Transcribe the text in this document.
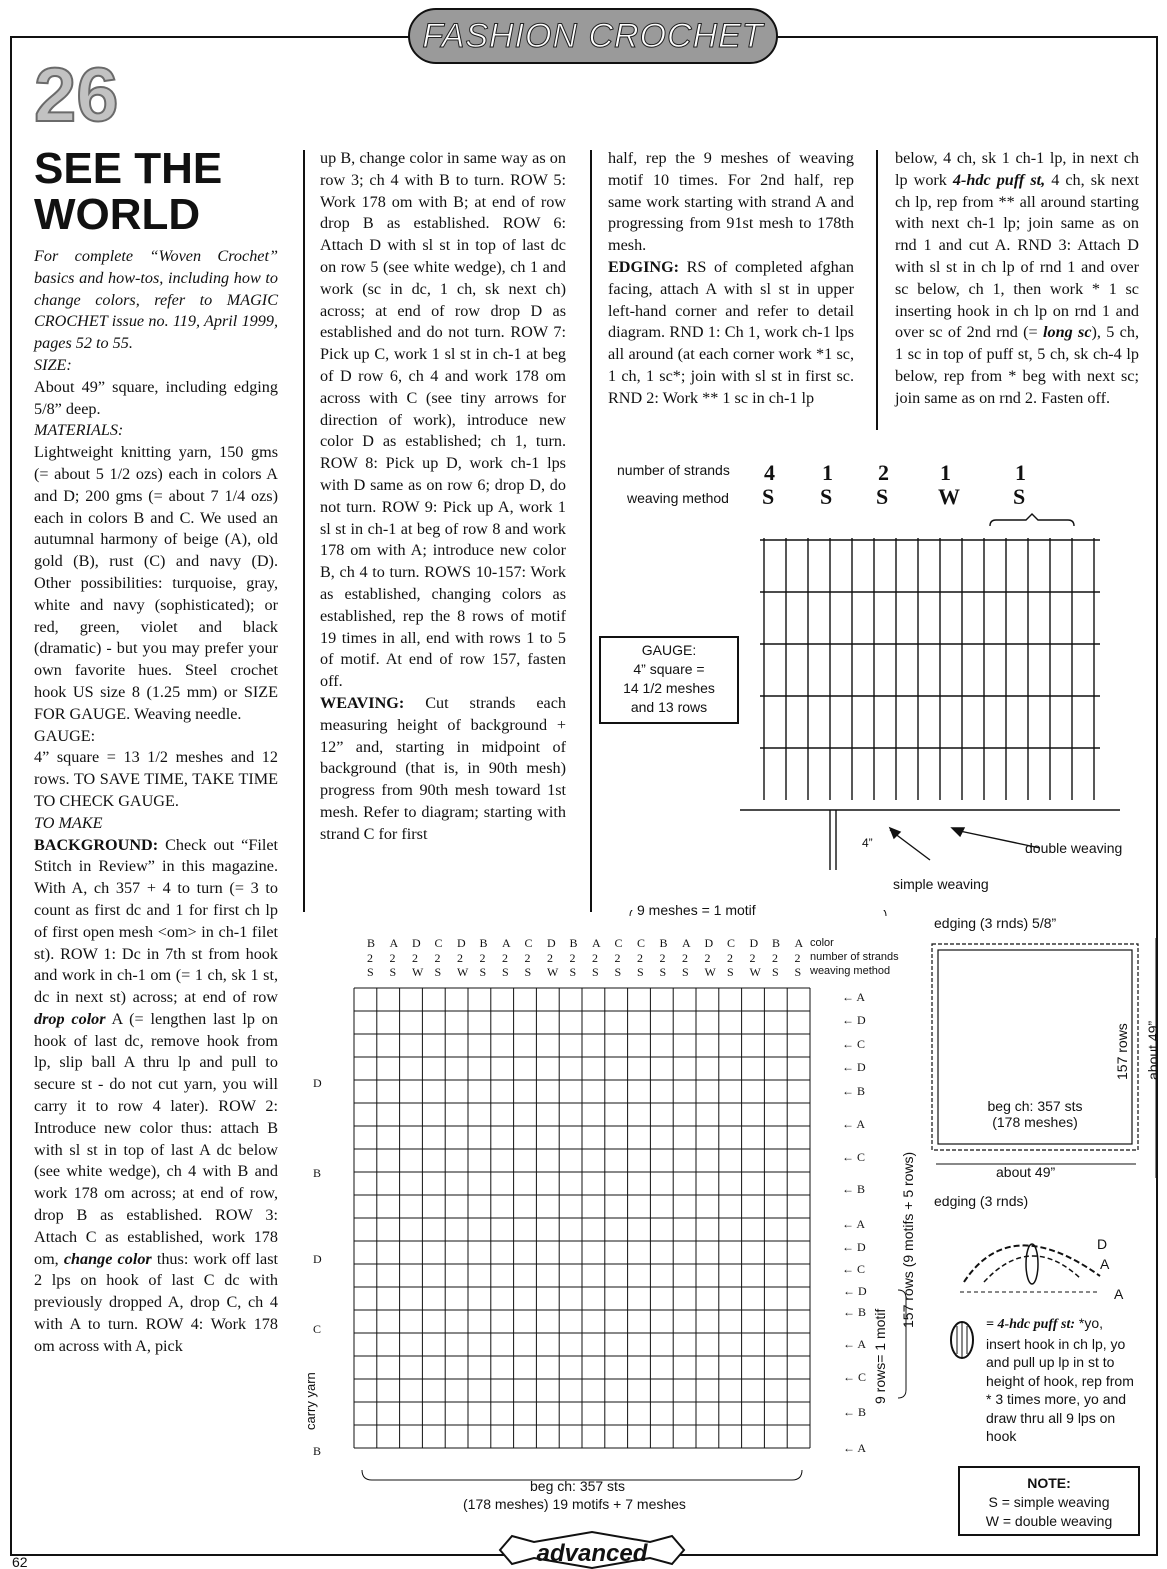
FASHION CROCHET
26
SEE THE
WORLD

For complete “Woven Crochet” basics and how-tos, including how to change colors, refer to MAGIC CROCHET issue no. 119, April 1999, pages 52 to 55.

SIZE:

About 49” square, including edging 5/8” deep.

MATERIALS:

Lightweight knitting yarn, 150 gms (= about 5 1/2 ozs) each in colors A and D; 200 gms (= about 7 1/4 ozs) each in colors B and C. We used an autumnal harmony of beige (A), old gold (B), rust (C) and navy (D). Other possibilities: turquoise, gray, white and navy (sophisticated); or red, green, violet and black (dramatic) - but you may prefer your own favorite hues. Steel crochet hook US size 8 (1.25 mm) or SIZE FOR GAUGE. Weaving needle.

GAUGE:

4” square = 13 1/2 meshes and 12 rows. TO SAVE TIME, TAKE TIME TO CHECK GAUGE.

TO MAKE

BACKGROUND: Check out “Filet Stitch in Review” in this magazine. With A, ch 357 + 4 to turn (= 3 to count as first dc and 1 for first ch lp of first open mesh <om> in ch-1 filet st). ROW 1: Dc in 7th st from hook and work in ch-1 om (= 1 ch, sk 1 st, dc in next st) across; at end of row drop color A (= lengthen last lp on hook of last dc, remove hook from lp, slip ball A thru lp and pull to secure st - do not cut yarn, you will carry it to row 4 later). ROW 2: Introduce new color thus: attach B with sl st in top of last A dc below (see white wedge), ch 4 with B and work 178 om across; at end of row, drop B as established. ROW 3: Attach C as established, work 178 om, change color thus: work off last 2 lps on hook of last C dc with previously dropped A, drop C, ch 4 with A to turn. ROW 4: Work 178 om across with A, pick

up B, change color in same way as on row 3; ch 4 with B to turn. ROW 5: Work 178 om with B; at end of row drop B as established. ROW 6: Attach D with sl st in top of last dc on row 5 (see white wedge), ch 1 and work (sc in dc, 1 ch, sk next ch) across; at end of row drop D as established and do not turn. ROW 7: Pick up C, work 1 sl st in ch-1 at beg of D row 6, ch 4 and work 178 om across with C (see tiny arrows for direction of work), introduce new color D as established; ch 1, turn. ROW 8: Pick up D, work ch-1 lps with D same as on row 6; drop D, do not turn. ROW 9: Pick up A, work 1 sl st in ch-1 at beg of row 8 and work 178 om with A; introduce new color B, ch 4 to turn. ROWS 10-157: Work as established, changing colors as established, rep the 8 rows of motif 19 times in all, end with rows 1 to 5 of motif. At end of row 157, fasten off.

WEAVING: Cut strands each measuring height of background + 12” and, starting in midpoint of background (that is, in 90th mesh) progress from 90th mesh toward 1st mesh. Refer to diagram; starting with strand C for first

half, rep the 9 meshes of weaving motif 10 times. For 2nd half, rep same work starting with strand A and progressing from 91st mesh to 178th mesh.

EDGING: RS of completed afghan facing, attach A with sl st in upper left-hand corner and refer to detail diagram. RND 1: Ch 1, work ch-1 lps all around (at each corner work *1 sc, 1 ch, 1 sc*; join with sl st in first sc. RND 2: Work ** 1 sc in ch-1 lp

below, 4 ch, sk 1 ch-1 lp, in next ch lp work 4-hdc puff st, 4 ch, sk next ch lp, rep from ** all around starting with next ch-1 lp; join same as on rnd 1 and cut A. RND 3: Attach D with sl st in ch lp of rnd 1 and over sc below, ch 1, then work * 1 sc inserting hook in ch lp on rnd 1 and over sc of 2nd rnd (= long sc), 5 ch, 1 sc in top of puff st, 5 ch, sk ch-4 lp below, rep from * beg with next sc; join same as on rnd 2. Fasten off.

number of strands
weaving method
4
S
1
S
2
S
1
W
1
S
4”	double weaving
simple weaving
GAUGE:
4” square =
14 1/2 meshes
and 13 rows
9 meshes = 1 motif
B
2
S
A
2
S
D
2
W
C
2
S
D
2
W
B
2
S
A
2
S
C
2
S
D
2
W
B
2
S
A
2
S
C
2
S
C
2
S
B
2
S
A
2
S
D
2
W
C
2
S
D
2
W
B
2
S
A
2
S
color
number of strands
weaving method
← A
← D
← C
← D
← B
← A
← C
← B
← A
← D
← C
← D
← B
← A
← C
← B
← A
D
B
D
C
B
carry yarn
beg ch: 357 sts
(178 meshes) 19 motifs + 7 meshes
9 rows= 1 motif
157 rows (9 motifs + 5 rows)
edging (3 rnds) 5/8”
157 rows about 49”
beg ch: 357 sts
(178 meshes)
about 49”
edging (3 rnds)
D
A
A
= 4-hdc puff st: *yo, insert hook in ch lp, yo and pull up lp in st to height of hook, rep from * 3 times more, yo and draw thru all 9 lps on hook
NOTE:
S = simple weaving
W = double weaving
advanced
62
